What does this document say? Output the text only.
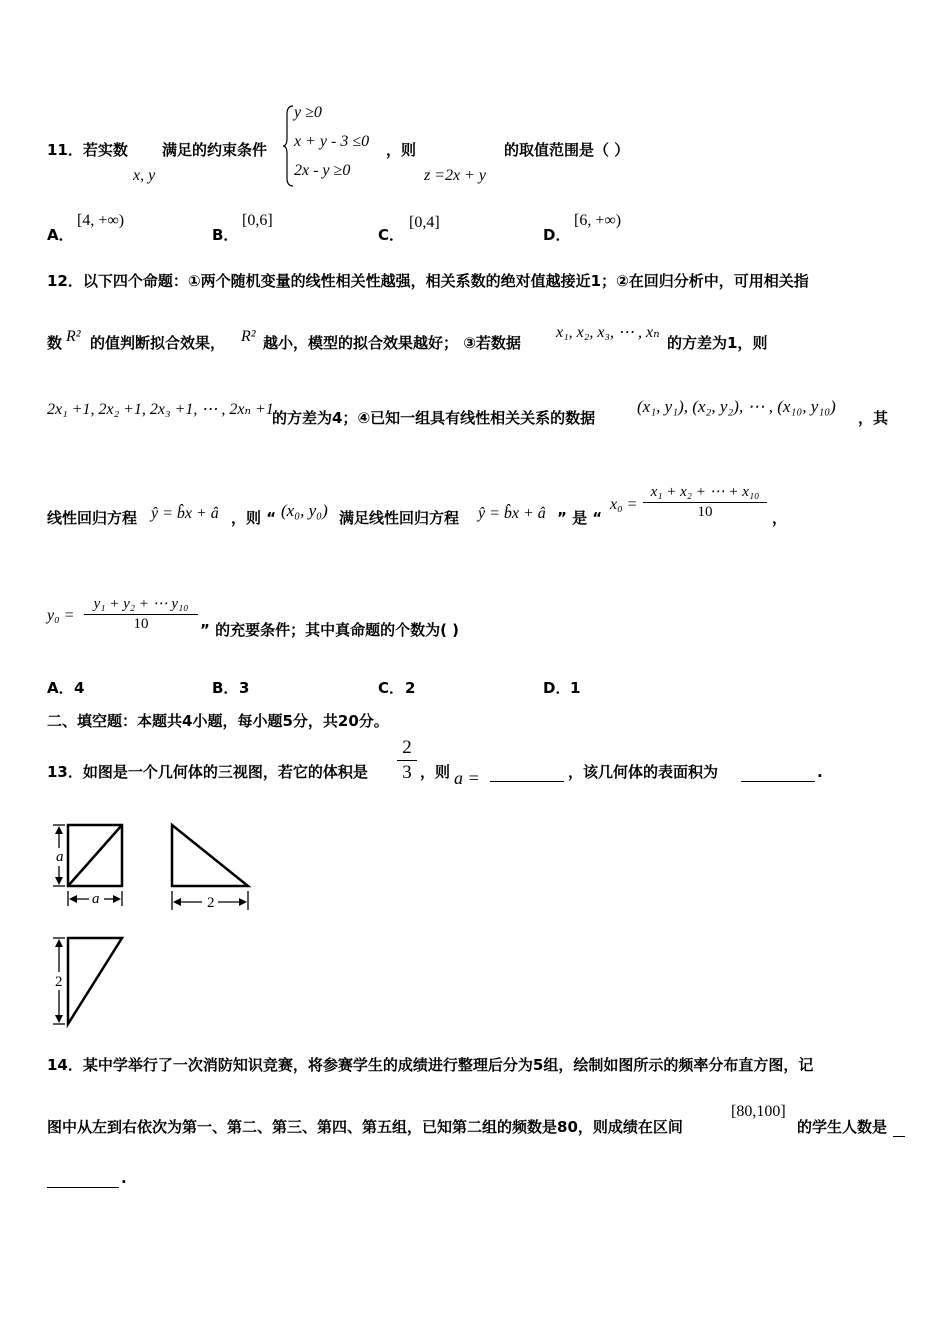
11．若实数
x, y
满足的约束条件
y ≥0
x + y - 3 ≤0
2x - y ≥0
，则
z =2x + y
的取值范围是（ ）
A．
[4, +∞)
B．
[0,6]
C．
[0,4]
D．
[6, +∞)
12．以下四个命题：①两个随机变量的线性相关性越强，相关系数的绝对值越接近1；②在回归分析中，可用相关指
数 R² 的值判断拟合效果， R² 越小，模型的拟合效果越好； ③若数据
x₁, x₂, x₃, ⋯ , xₙ
的方差为1，则
2x₁ +1, 2x₂ +1, 2x₃ +1, ⋯ , 2xₙ +1
的方差为4；④已知一组具有线性相关关系的数据
(x₁, y₁), (x₂, y₂), ⋯ , (x₁₀, y₁₀)
，其
线性回归方程 ŷ = b̂x + â ，则 “ (x₀, y₀) 满足线性回归方程 ŷ = b̂x + â ” 是 “
$x_0 = \frac{\text{x₁ + x₂ + ⋯ + x₁₀}}{10}$ ，
$y_0 = \frac{\text{y₁ + y₂ + ⋯ y₁₀}}{10}$ ” 的充要条件；其中真命题的个数为( )
A． 4	B． 3	C． 2	D． 1
二、填空题：本题共4小题，每小题5分，共20分。
13．如图是一个几何体的三视图，若它的体积是 $\frac{2}{3}$ ，则 a =	，该几何体的表面积为	.
a
a	2
2
14．某中学举行了一次消防知识竞赛，将参赛学生的成绩进行整理后分为5组，绘制如图所示的频率分布直方图，记
图中从左到右依次为第一、第二、第三、第四、第五组，已知第二组的频数是80，则成绩在区间
[80,100]
的学生人数是
.
